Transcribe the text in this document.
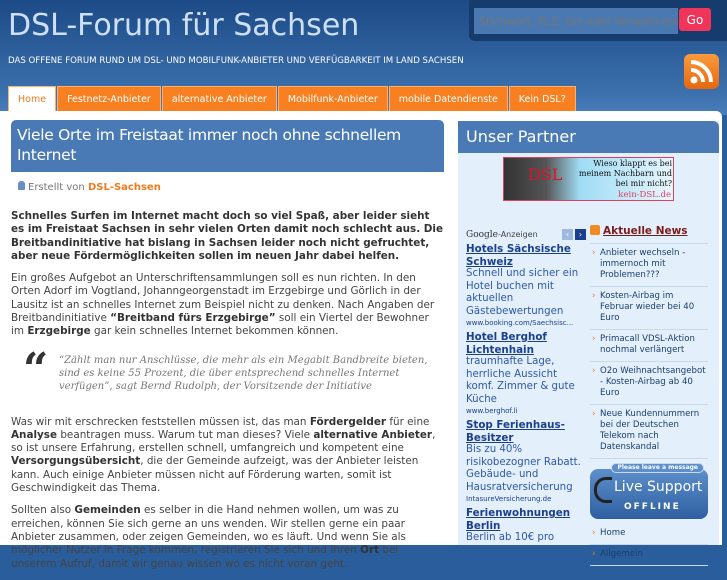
DSL-Forum für Sachsen
DAS OFFENE FORUM RUND UM DSL- UND MOBILFUNK-ANBIETER UND VERFÜGBARKEIT IM LAND SACHSEN
Stichwort, PLZ, Ort oder Vorwahl eingeben
Go
Home	Festnetz-Anbieter	alternative Anbieter	Mobilfunk-Anbieter	mobile Datendienste	Kein DSL?
Viele Orte im Freistaat immer noch ohne schnellem Internet
Erstellt von DSL-Sachsen

Schnelles Surfen im Internet macht doch so viel Spaß, aber leider sieht es im Freistaat Sachsen in sehr vielen Orten damit noch schlecht aus. Die Breitbandinitiative hat bislang in Sachsen leider noch nicht gefruchtet, aber neue Fördermöglichkeiten sollen im neuen Jahr dabei helfen.

Ein großes Aufgebot an Unterschriftensammlungen soll es nun richten. In den Orten Adorf im Vogtland, Johanngeorgenstadt im Erzgebirge und Görlich in der Lausitz ist an schnelles Internet zum Beispiel nicht zu denken. Nach Angaben der Breitbandinitiative “Breitband fürs Erzgebirge” soll ein Viertel der Bewohner im Erzgebirge gar kein schnelles Internet bekommen können.

“ “Zählt man nur Anschlüsse, die mehr als ein Megabit Bandbreite bieten, sind es keine 55 Prozent, die über entsprechend schnelles Internet verfügen”, sagt Bernd Rudolph, der Vorsitzende der Initiative

Was wir mit erschrecken feststellen müssen ist, das man Fördergelder für eine Analyse beantragen muss. Warum tut man dieses? Viele alternative Anbieter, so ist unsere Erfahrung, erstellen schnell, umfangreich und kompetent eine Versorgungsübersicht, die der Gemeinde aufzeigt, was der Anbieter leisten kann. Auch einige Anbieter müssen nicht auf Förderung warten, somit ist Geschwindigkeit das Thema.

Sollten also Gemeinden es selber in die Hand nehmen wollen, um was zu erreichen, können Sie sich gerne an uns wenden. Wir stellen gerne ein paar Anbieter zusammen, oder zeigen Gemeinden, wo es läuft. Und wenn Sie als möglicher Nutzer in Frage kommen, registrieren Sie sich und Ihren Ort bei unserem Aufruf, damit wir genau wissen wo es nicht voran geht.

Unser Partner
DSL
Wieso klappt es bei meinem Nachbarn und bei mir nicht?
kein-DSL.de
Google-Anzeigen	‹	›
Hotels Sächsische Schweiz
Schnell und sicher ein Hotel buchen mit aktuellen Gästebewertungen
www.booking.com/Saechsisc...
Hotel Berghof Lichtenhain
traumhafte Lage, herrliche Aussicht komf. Zimmer & gute Küche
www.berghof.li
Stop Ferienhaus-Besitzer
Bis zu 40% risikobezogner Rabatt. Gebäude- und Hausratversicherung
IntasureVersicherung.de
Ferienwohnungen Berlin
Berlin ab 10€ pro
Aktuelle News
› Anbieter wechseln - immernoch mit Problemen???
› Kosten-Airbag im Februar wieder bei 40 Euro
› Primacall VDSL-Aktion nochmal verlängert
› O2o Weihnachtsangebot - Kosten-Airbag ab 40 Euro
› Neue Kundennummern bei der Deutschen Telekom nach Datenskandal
Please leave a message
Live Support
OFFLINE
› Home
› Allgemein
